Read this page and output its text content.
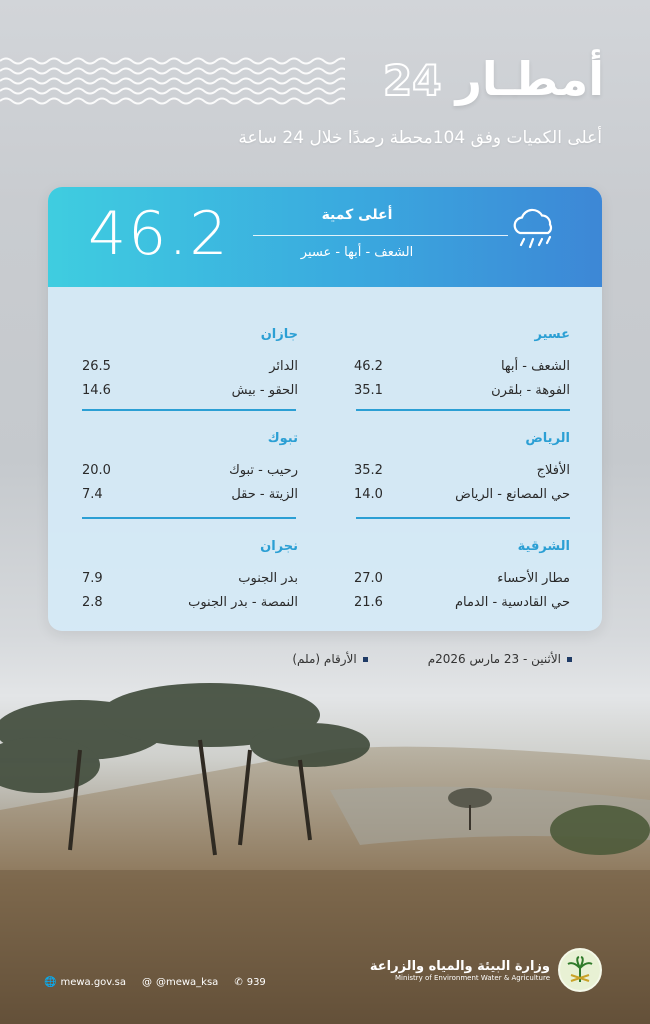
أمطـار
24
أعلى الكميات وفق 104محطة رصدًا خلال 24 ساعة
46.2	أعلى كمية
الشعف - أبها - عسير
عسير
الشعف - أبها
46.2
الفوهة - بلقرن
35.1
الرياض
الأفلاج
35.2
حي المصانع - الرياض
14.0
الشرقية
مطار الأحساء
27.0
حي القادسية - الدمام
21.6
جازان
الدائر
26.5
الحقو - بيش
14.6
تبوك
رحيب - تبوك
20.0
الزيتة - حقل
7.4
نجران
بدر الجنوب
7.9
النمصة - بدر الجنوب
2.8
الأثنين - 23 مارس 2026م
الأرقام (ملم)
🌐 mewa.gov.sa @ @mewa_ksa ✆ 939
وزارة البيئة والمياه والزراعة
Ministry of Environment Water & Agriculture
